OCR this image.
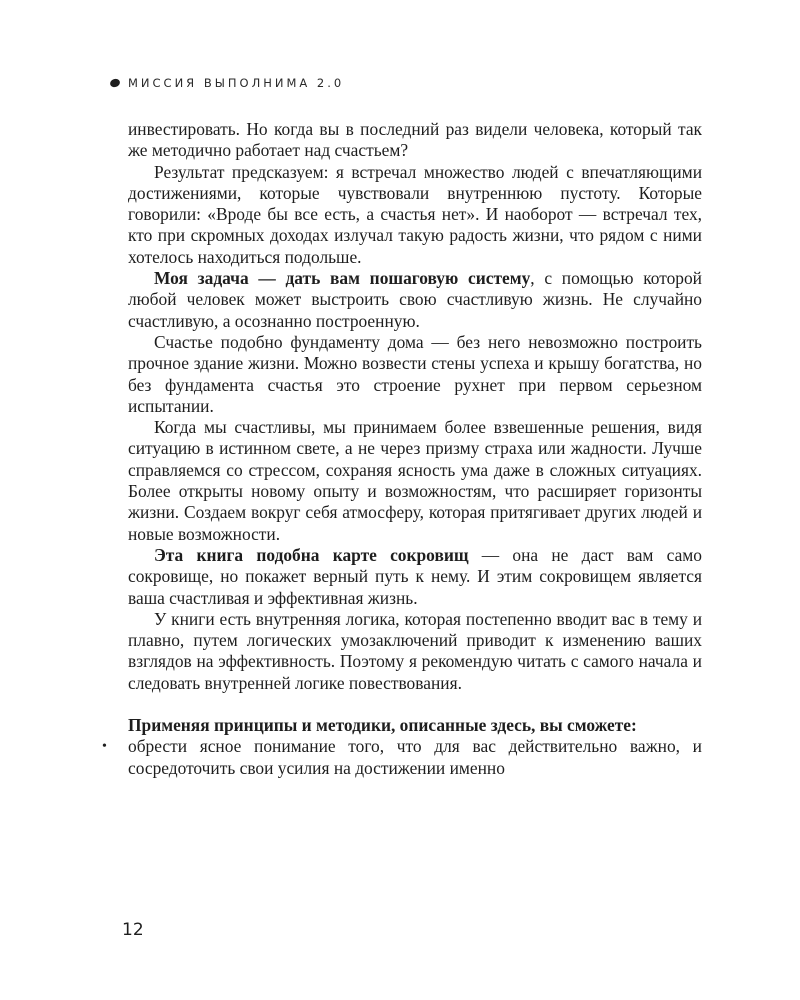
МИССИЯ ВЫПОЛНИМА 2.0

инвестировать. Но когда вы в последний раз видели человека, который так же методично работает над счастьем?

Результат предсказуем: я встречал множество людей с впечатляющими достижениями, которые чувствовали внутреннюю пустоту. Которые говорили: «Вроде бы все есть, а счастья нет». И наоборот — встречал тех, кто при скромных доходах излучал такую радость жизни, что рядом с ними хотелось находиться подольше.

Моя задача — дать вам пошаговую систему, с помощью которой любой человек может выстроить свою счастливую жизнь. Не случайно счастливую, а осознанно построенную.

Счастье подобно фундаменту дома — без него невозможно построить прочное здание жизни. Можно возвести стены успеха и крышу богатства, но без фундамента счастья это строение рухнет при первом серьезном испытании.

Когда мы счастливы, мы принимаем более взвешенные решения, видя ситуацию в истинном свете, а не через призму страха или жадности. Лучше справляемся со стрессом, сохраняя ясность ума даже в сложных ситуациях. Более открыты новому опыту и возможностям, что расширяет горизонты жизни. Создаем вокруг себя атмосферу, которая притягивает других людей и новые возможности.

Эта книга подобна карте сокровищ — она не даст вам само сокровище, но покажет верный путь к нему. И этим сокровищем является ваша счастливая и эффективная жизнь.

У книги есть внутренняя логика, которая постепенно вводит вас в тему и плавно, путем логических умозаключений приводит к изменению ваших взглядов на эффективность. Поэтому я рекомендую читать с самого начала и следовать внутренней логике повествования.

Применяя принципы и методики, описанные здесь, вы сможете:

• обрести ясное понимание того, что для вас действительно важно, и сосредоточить свои усилия на достижении именно
12
